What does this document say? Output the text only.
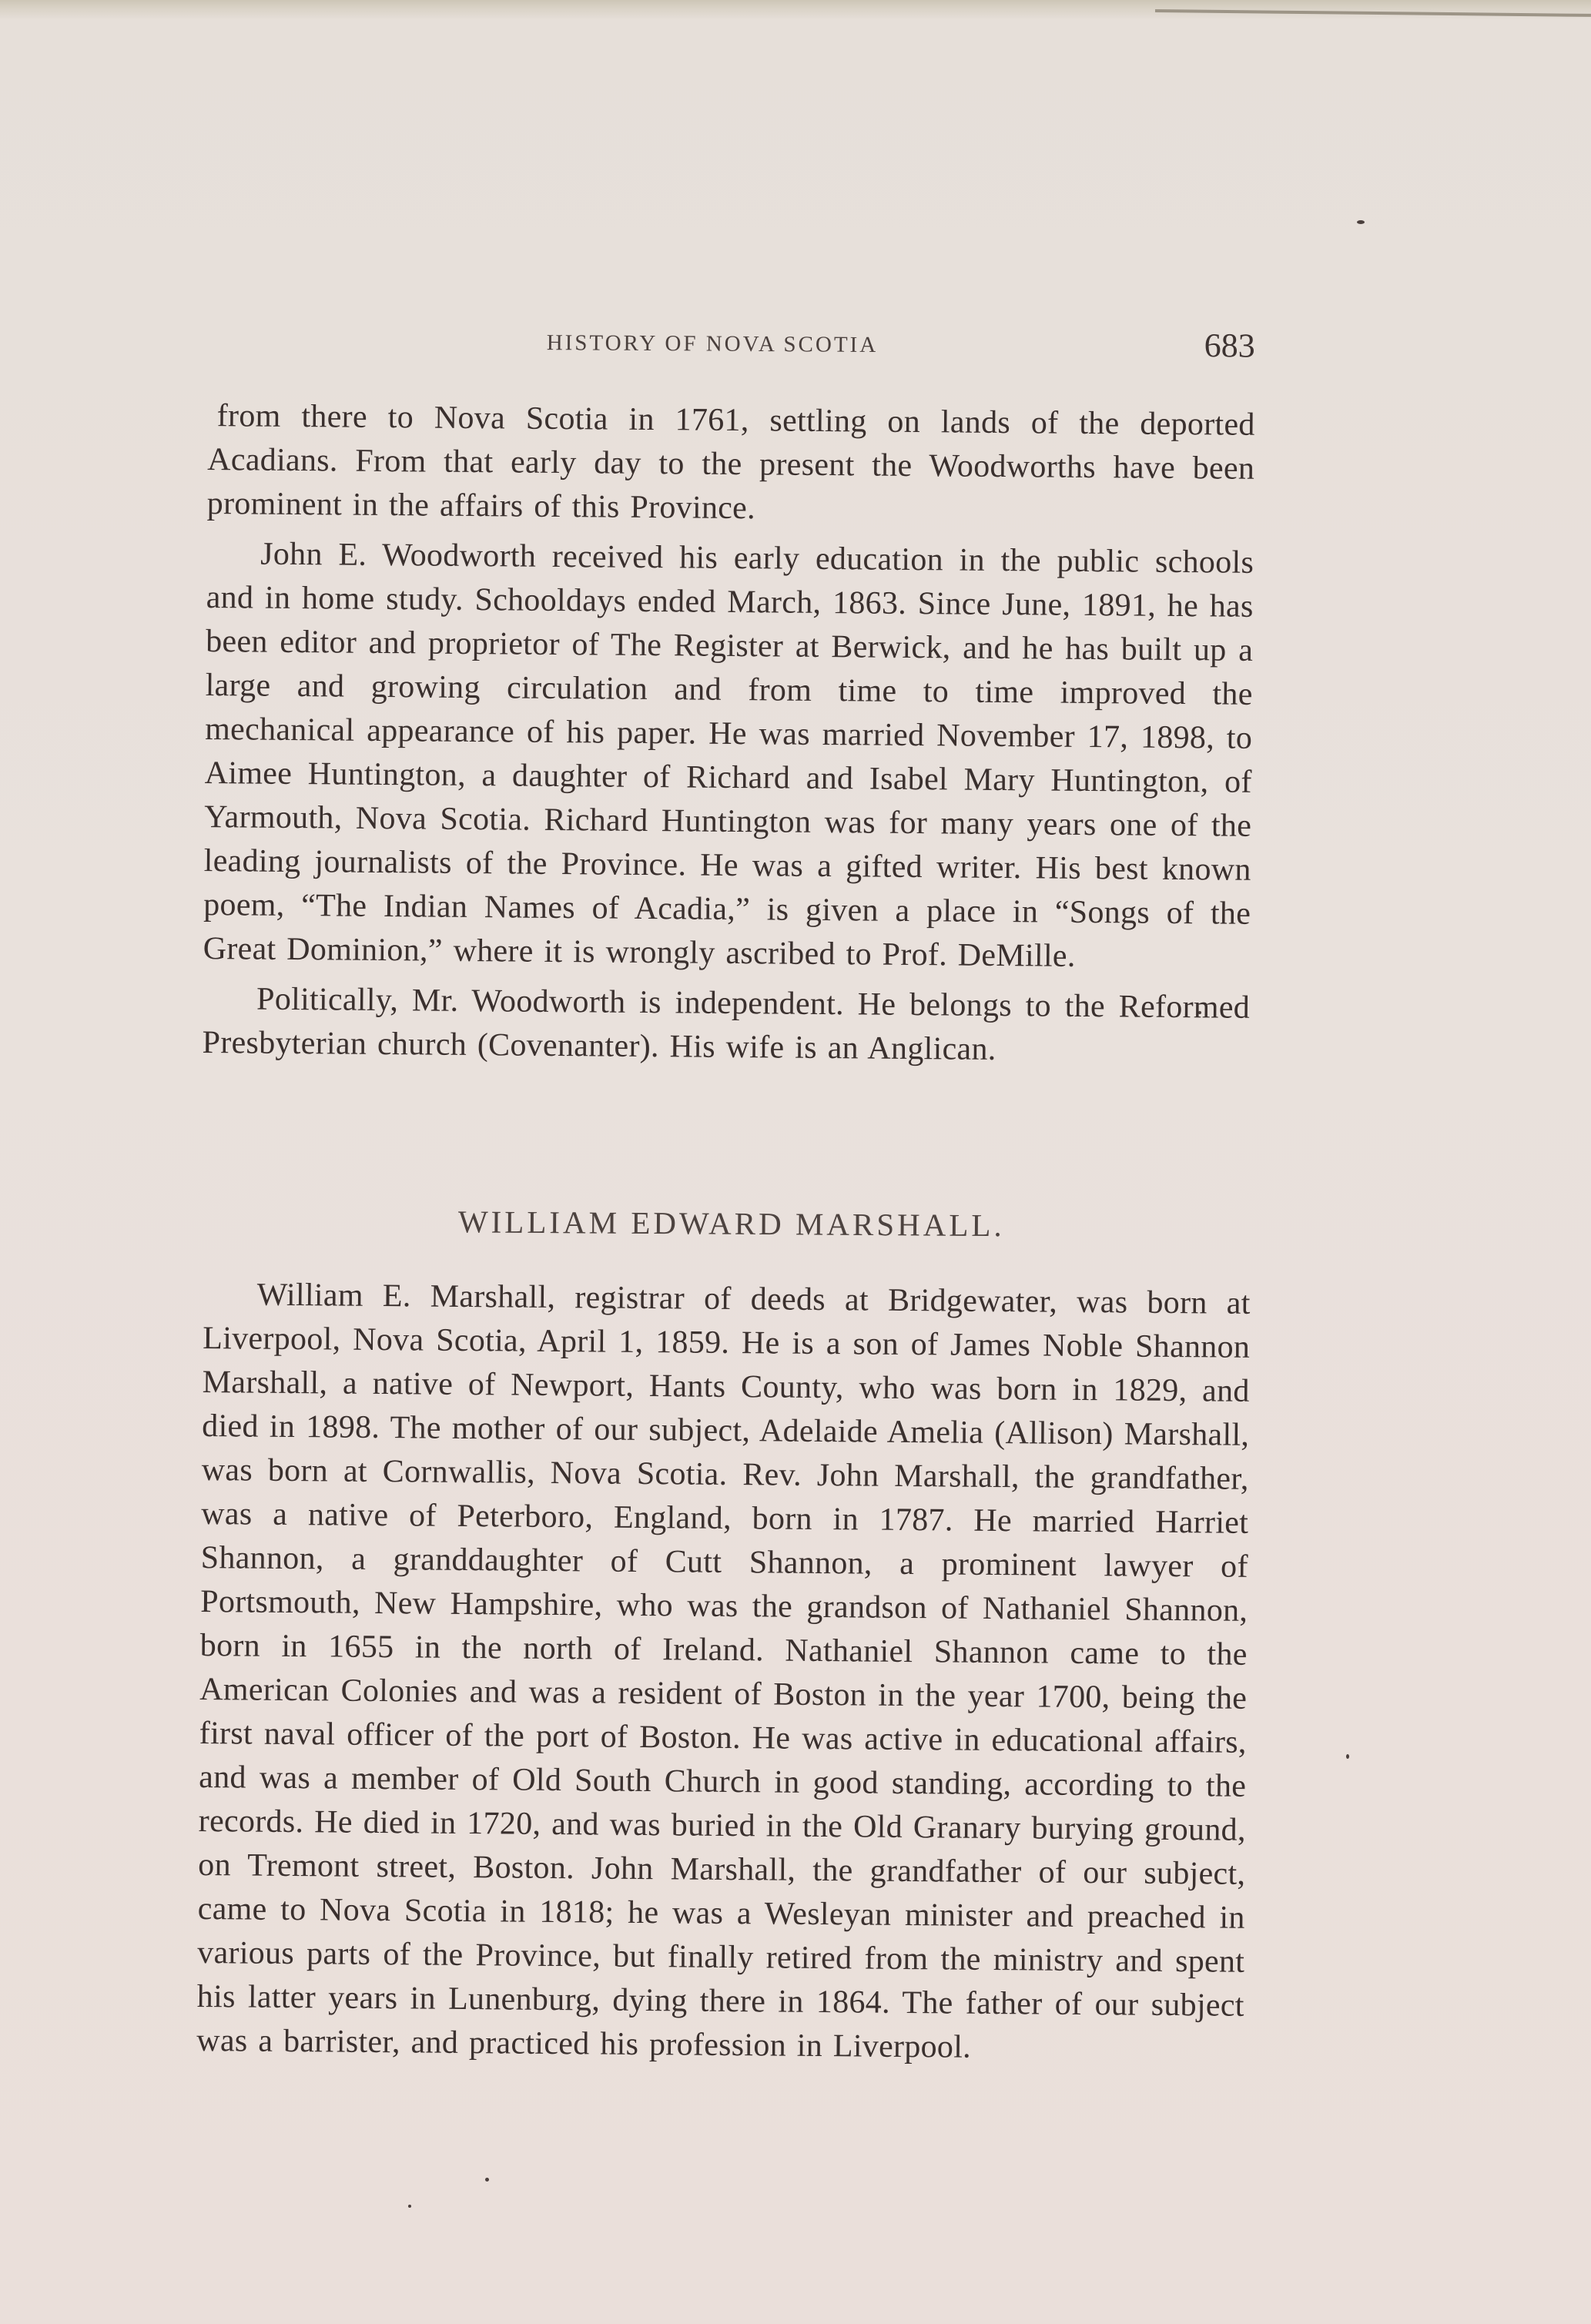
HISTORY OF NOVA SCOTIA	683

from there to Nova Scotia in 1761, settling on lands of the deported Acadians. From that early day to the present the Woodworths have been prominent in the affairs of this Province.

John E. Woodworth received his early education in the public schools and in home study. Schooldays ended March, 1863. Since June, 1891, he has been editor and proprietor of The Register at Berwick, and he has built up a large and growing circulation and from time to time improved the mechanical appearance of his paper. He was married November 17, 1898, to Aimee Huntington, a daughter of Richard and Isabel Mary Huntington, of Yarmouth, Nova Scotia. Richard Huntington was for many years one of the leading journalists of the Province. He was a gifted writer. His best known poem, “The Indian Names of Acadia,” is given a place in “Songs of the Great Dominion,” where it is wrongly ascribed to Prof. DeMille.

Politically, Mr. Woodworth is independent. He belongs to the Reformed Presbyterian church (Covenanter). His wife is an Anglican.

WILLIAM EDWARD MARSHALL.

William E. Marshall, registrar of deeds at Bridgewater, was born at Liverpool, Nova Scotia, April 1, 1859. He is a son of James Noble Shannon Marshall, a native of Newport, Hants County, who was born in 1829, and died in 1898. The mother of our subject, Adelaide Amelia (Allison) Marshall, was born at Cornwallis, Nova Scotia. Rev. John Marshall, the grandfather, was a native of Peterboro, England, born in 1787. He married Harriet Shannon, a granddaughter of Cutt Shannon, a prominent lawyer of Portsmouth, New Hampshire, who was the grandson of Nathaniel Shannon, born in 1655 in the north of Ireland. Nathaniel Shannon came to the American Colonies and was a resident of Boston in the year 1700, being the first naval officer of the port of Boston. He was active in educational affairs, and was a member of Old South Church in good standing, according to the records. He died in 1720, and was buried in the Old Granary burying ground, on Tremont street, Boston. John Marshall, the grandfather of our subject, came to Nova Scotia in 1818; he was a Wesleyan minister and preached in various parts of the Province, but finally retired from the ministry and spent his latter years in Lunenburg, dying there in 1864. The father of our subject was a barrister, and practiced his profession in Liverpool.
